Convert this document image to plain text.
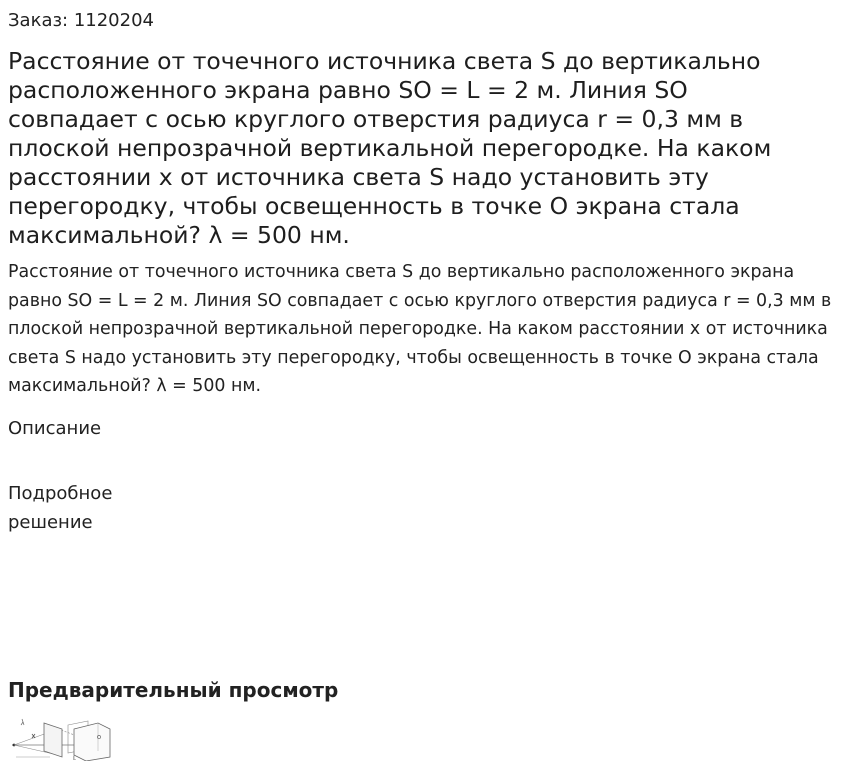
Заказ: 1120204
Расстояние от точечного источника света S до вертикально расположенного экрана равно SO = L = 2 м. Линия SO совпадает с осью круглого отверстия радиуса r = 0,3 мм в плоской непрозрачной вертикальной перегородке. На каком расстоянии x от источника света S надо установить эту перегородку, чтобы освещенность в точке O экрана стала максимальной? λ = 500 нм.

Расстояние от точечного источника света S до вертикально расположенного экрана равно SO = L = 2 м. Линия SO совпадает с осью круглого отверстия радиуса r = 0,3 мм в плоской непрозрачной вертикальной перегородке. На каком расстоянии x от источника света S надо установить эту перегородку, чтобы освещенность в точке O экрана стала максимальной? λ = 500 нм.

Описание
Подробное решение
Предварительный просмотр
L
